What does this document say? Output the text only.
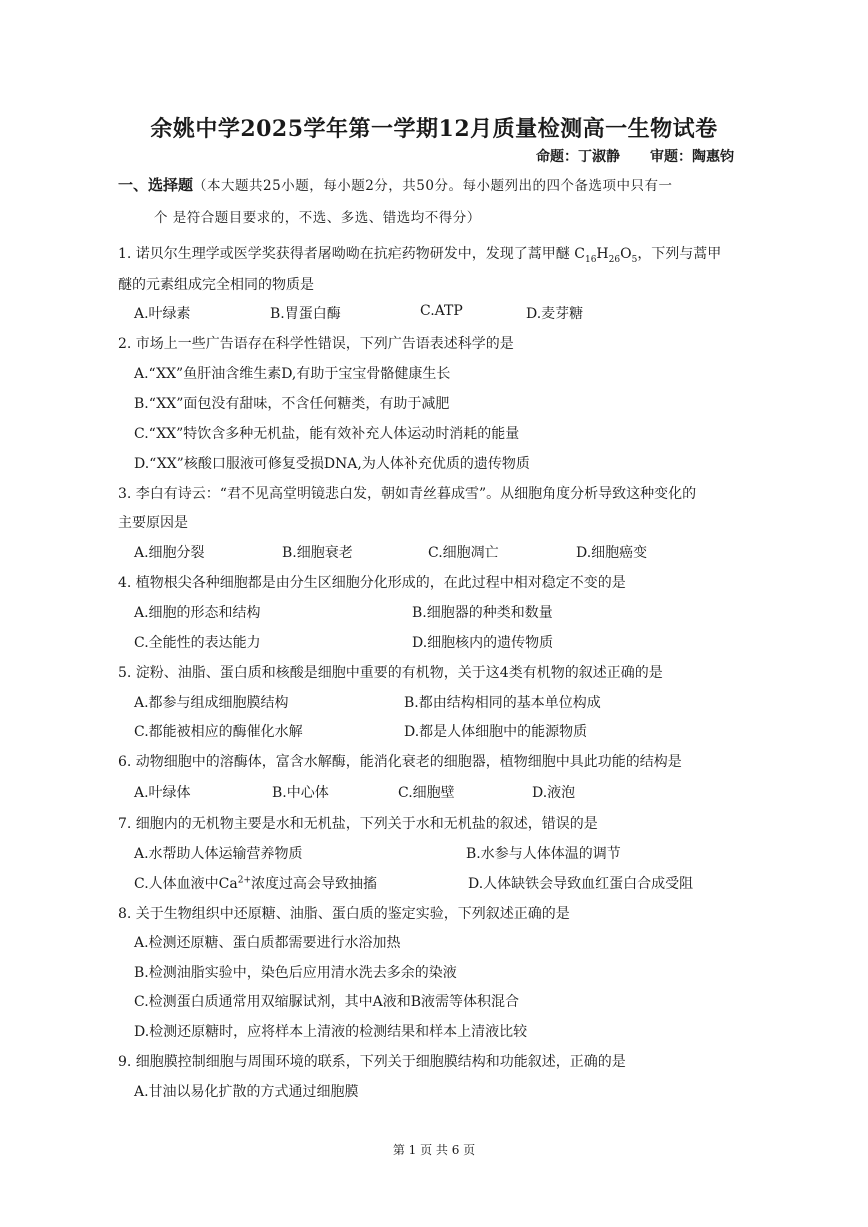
余姚中学2025学年第一学期12月质量检测高一生物试卷
命题：丁淑静 审题：陶惠钧
一、选择题（本大题共25小题，每小题2分，共50分。每小题列出的四个备选项中只有一
个 是符合题目要求的，不选、多选、错选均不得分）
1. 诺贝尔生理学或医学奖获得者屠呦呦在抗疟药物研发中，发现了蒿甲醚 $C_{16}H_{26}O_5$，下列与蒿甲
醚的元素组成完全相同的物质是
A.叶绿素	B.胃蛋白酶	C.ATP	D.麦芽糖
2. 市场上一些广告语存在科学性错误，下列广告语表述科学的是
A.“XX”鱼肝油含维生素D,有助于宝宝骨骼健康生长
B.“XX”面包没有甜味，不含任何糖类，有助于减肥
C.“XX”特饮含多种无机盐，能有效补充人体运动时消耗的能量
D.“XX”核酸口服液可修复受损DNA,为人体补充优质的遗传物质
3. 李白有诗云：“君不见高堂明镜悲白发，朝如青丝暮成雪”。从细胞角度分析导致这种变化的
主要原因是
A.细胞分裂	B.细胞衰老	C.细胞凋亡	D.细胞癌变
4. 植物根尖各种细胞都是由分生区细胞分化形成的，在此过程中相对稳定不变的是
A.细胞的形态和结构	B.细胞器的种类和数量
C.全能性的表达能力	D.细胞核内的遗传物质
5. 淀粉、油脂、蛋白质和核酸是细胞中重要的有机物，关于这4类有机物的叙述正确的是
A.都参与组成细胞膜结构	B.都由结构相同的基本单位构成
C.都能被相应的酶催化水解	D.都是人体细胞中的能源物质
6. 动物细胞中的溶酶体，富含水解酶，能消化衰老的细胞器，植物细胞中具此功能的结构是
A.叶绿体	B.中心体	C.细胞壁	D.液泡
7. 细胞内的无机物主要是水和无机盐，下列关于水和无机盐的叙述，错误的是
A.水帮助人体运输营养物质	B.水参与人体体温的调节
C.人体血液中$Ca^{2+}$浓度过高会导致抽搐	D.人体缺铁会导致血红蛋白合成受阻
8. 关于生物组织中还原糖、油脂、蛋白质的鉴定实验，下列叙述正确的是
A.检测还原糖、蛋白质都需要进行水浴加热
B.检测油脂实验中，染色后应用清水洗去多余的染液
C.检测蛋白质通常用双缩脲试剂，其中A液和B液需等体积混合
D.检测还原糖时，应将样本上清液的检测结果和样本上清液比较
9. 细胞膜控制细胞与周围环境的联系，下列关于细胞膜结构和功能叙述，正确的是
A.甘油以易化扩散的方式通过细胞膜
第 1 页 共 6 页
